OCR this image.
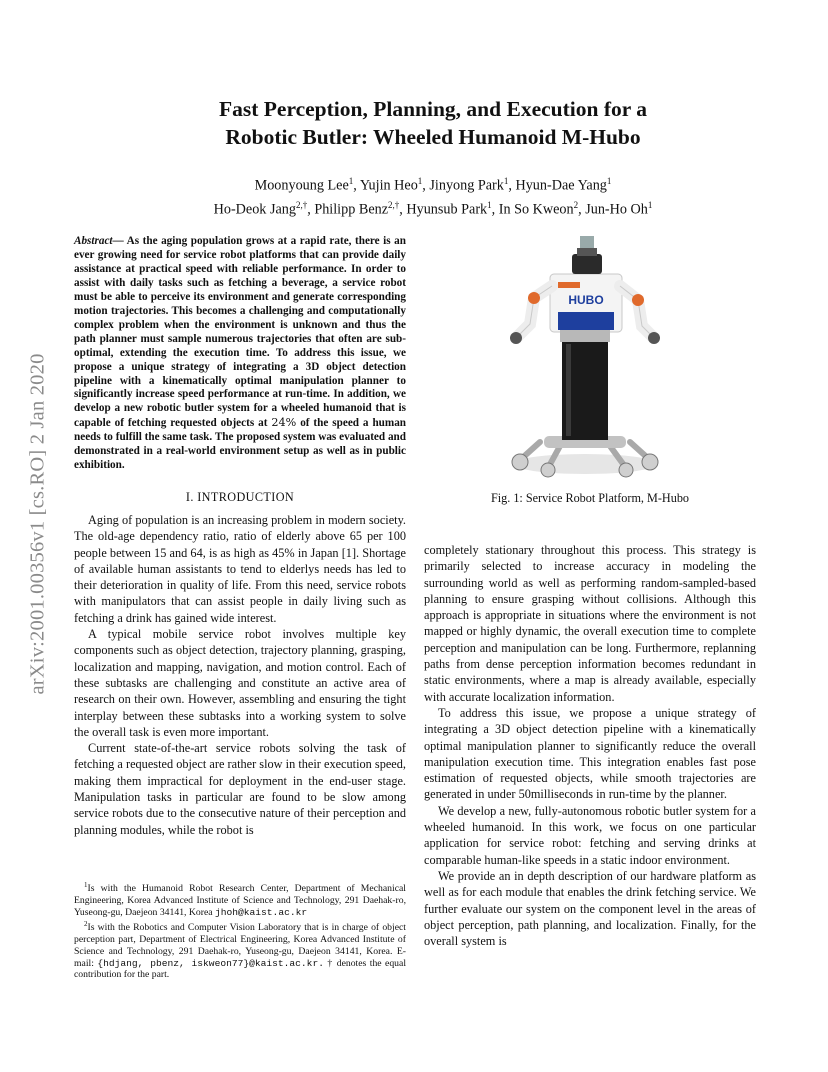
arXiv:2001.00356v1 [cs.RO] 2 Jan 2020
Fast Perception, Planning, and Execution for a
Robotic Butler: Wheeled Humanoid M-Hubo
Moonyoung Lee$^1$, Yujin Heo$^1$, Jinyong Park$^1$, Hyun-Dae Yang$^1$
Ho-Deok Jang$^{2,\dagger}$, Philipp Benz$^{2,\dagger}$, Hyunsub Park$^1$, In So Kweon$^2$, Jun-Ho Oh$^1$

Abstract— As the aging population grows at a rapid rate, there is an ever growing need for service robot platforms that can provide daily assistance at practical speed with reliable performance. In order to assist with daily tasks such as fetching a beverage, a service robot must be able to perceive its environment and generate corresponding motion trajectories. This becomes a challenging and computationally complex problem when the environment is unknown and thus the path planner must sample numerous trajectories that often are sub-optimal, extending the execution time. To address this issue, we propose a unique strategy of integrating a 3D object detection pipeline with a kinematically optimal manipulation planner to significantly increase speed performance at run-time. In addition, we develop a new robotic butler system for a wheeled humanoid that is capable of fetching requested objects at 24% of the speed a human needs to fulfill the same task. The proposed system was evaluated and demonstrated in a real-world environment setup as well as in public exhibition.

I. INTRODUCTION

Aging of population is an increasing problem in modern society. The old-age dependency ratio, ratio of elderly above 65 per 100 people between 15 and 64, is as high as 45% in Japan [1]. Shortage of available human assistants to tend to elderlys needs has led to their deterioration in quality of life. From this need, service robots with manipulators that can assist people in daily living such as fetching a drink has gained wide interest.

A typical mobile service robot involves multiple key components such as object detection, trajectory planning, grasping, localization and mapping, navigation, and motion control. Each of these subtasks are challenging and constitute an active area of research on their own. However, assembling and ensuring the tight interplay between these subtasks into a working system to solve the overall task is even more important.

Current state-of-the-art service robots solving the task of fetching a requested object are rather slow in their execution speed, making them impractical for deployment in the end-user stage. Manipulation tasks in particular are found to be slow among service robots due to the consecutive nature of their perception and planning modules, while the robot is

$^1$Is with the Humanoid Robot Research Center, Department of Mechanical Engineering, Korea Advanced Institute of Science and Technology, 291 Daehak-ro, Yuseong-gu, Daejeon 34141, Korea jhoh@kaist.ac.kr

$^2$Is with the Robotics and Computer Vision Laboratory that is in charge of object perception part, Department of Electrical Engineering, Korea Advanced Institute of Science and Technology, 291 Daehak-ro, Yuseong-gu, Daejeon 34141, Korea. E-mail: {hdjang, pbenz, iskweon77}@kaist.ac.kr. † denotes the equal contribution for the part.

HUBO

Fig. 1: Service Robot Platform, M-Hubo

completely stationary throughout this process. This strategy is primarily selected to increase accuracy in modeling the surrounding world as well as performing random-sampled-based planning to ensure grasping without collisions. Although this approach is appropriate in situations where the environment is not mapped or highly dynamic, the overall execution time to complete perception and manipulation can be long. Furthermore, replanning paths from dense perception information becomes redundant in static environments, where a map is already available, especially with accurate localization information.

To address this issue, we propose a unique strategy of integrating a 3D object detection pipeline with a kinematically optimal manipulation planner to significantly reduce the overall manipulation execution time. This integration enables fast pose estimation of requested objects, while smooth trajectories are generated in under 50milliseconds in run-time by the planner.

We develop a new, fully-autonomous robotic butler system for a wheeled humanoid. In this work, we focus on one particular application for service robot: fetching and serving drinks at comparable human-like speeds in a static indoor environment.

We provide an in depth description of our hardware platform as well as for each module that enables the drink fetching service. We further evaluate our system on the component level in the areas of object perception, path planning, and localization. Finally, for the overall system is
